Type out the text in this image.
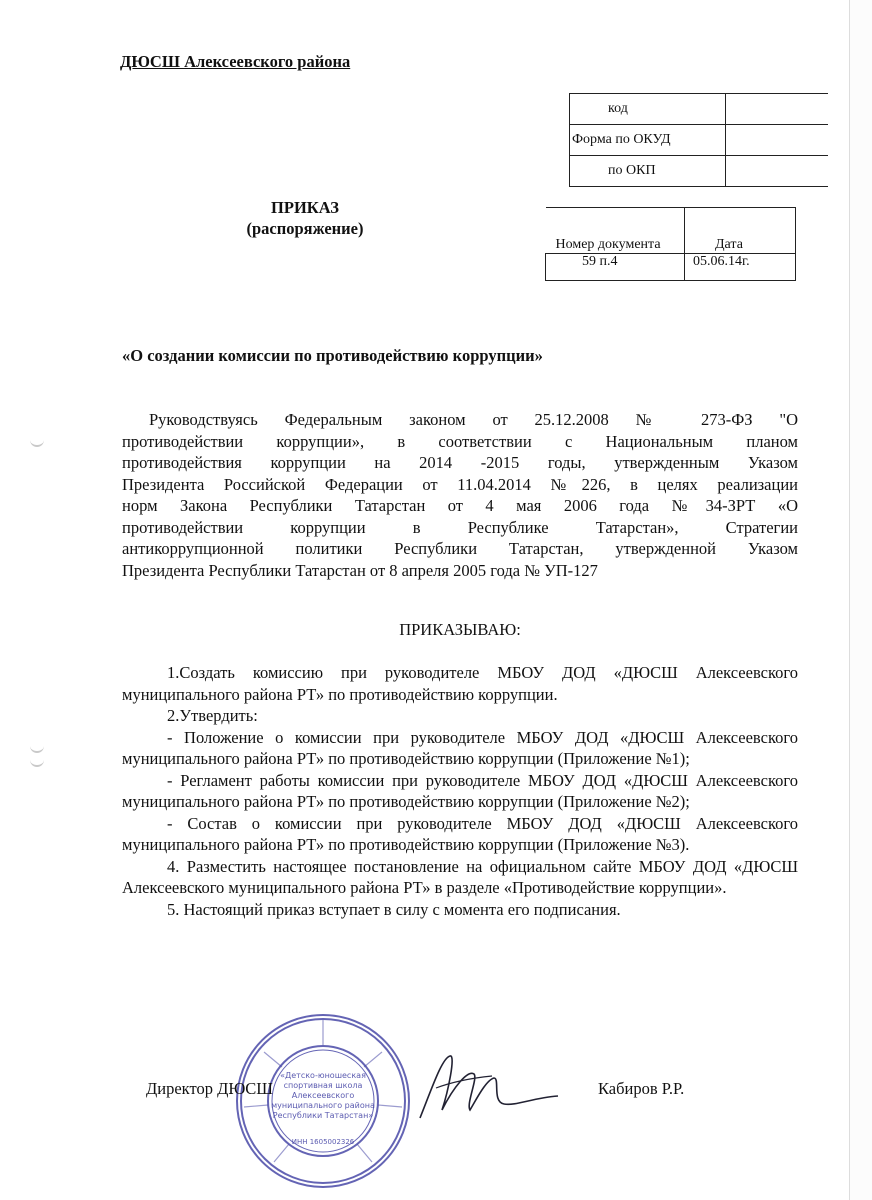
ДЮСШ Алексеевского района
код	
Форма по ОКУД	
по ОКП	
ПРИКАЗ
(распоряжение)
Номер документа	Дата
59 п.4	05.06.14г.
«О создании комиссии по противодействию коррупции»
Руководствуясь Федеральным законом от 25.12.2008 № 273-ФЗ "О
противодействии коррупции», в соответствии с Национальным планом
противодействия коррупции на 2014 -2015 годы, утвержденным Указом
Президента Российской Федерации от 11.04.2014 №226, в целях реализации
норм Закона Республики Татарстан от 4 мая 2006 года №34-ЗРТ «О
противодействии коррупции в Республике Татарстан», Стратегии
антикоррупционной политики Республики Татарстан, утвержденной Указом
Президента Республики Татарстан от 8 апреля 2005 года № УП-127
ПРИКАЗЫВАЮ:
1.Создать комиссию при руководителе МБОУ ДОД «ДЮСШ Алексеевского муниципального района РТ» по противодействию коррупции.
2.Утвердить:
- Положение о комиссии при руководителе МБОУ ДОД «ДЮСШ Алексеевского муниципального района РТ» по противодействию коррупции (Приложение №1);
- Регламент работы комиссии при руководителе МБОУ ДОД «ДЮСШ Алексеевского муниципального района РТ» по противодействию коррупции (Приложение №2);
- Состав о комиссии при руководителе МБОУ ДОД «ДЮСШ Алексеевского муниципального района РТ» по противодействию коррупции (Приложение №3).
4. Разместить настоящее постановление на официальном сайте МБОУ ДОД «ДЮСШ Алексеевского муниципального района РТ» в разделе «Противодействие коррупции».
5. Настоящий приказ вступает в силу с момента его подписания.
«Детско-юношеская
спортивная школа
Алексеевского
муниципального района
Республики Татарстан»
ИНН 1605002326
Директор ДЮСШ	Кабиров Р.Р.
